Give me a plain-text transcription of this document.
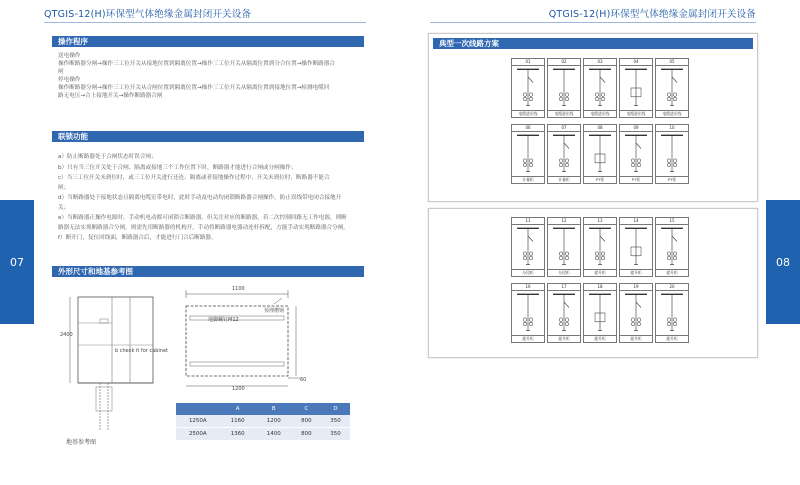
QTGIS-12(H)环保型气体绝缘金属封闭开关设备	QTGIS-12(H)环保型气体绝缘金属封闭开关设备
07	08
操作程序
送电操作
操作断路器分闸→操作三工位开关从接地位置到隔离位置→操作三工位开关从隔离位置到分合位置→操作断路器合
闸
停电操作
操作断路器分闸→操作三工位开关从合闸位置到隔离位置→操作三工位开关从隔离位置到接地位置→检测电缆回
路无电压→合上接地开关→操作断路器合闸
联锁功能
a）防止断路器处于合闸状态时误合闸；
b）只有当三位开关处于合闸、隔离或接地三个工作位置下时，断路器才能进行合闸或分闸操作；
c）当三工位开关未到位时，或三工位开关进行还连、隔离或者接地操作过程中，开关未到位时，断路器不能合
闸；
d）当断路器处于接地状态且隔离电缆室带电时，此时手动及电动均闭锁断路器合闸操作，防止误线带电闭合接地开
关；
e）当断路器正操作电源时，手动机电动都可闭锁合断路器，但关注对应的断路器，若二次控制回路无工作电源，则断
路器无法实现断路器合分闸，则需先用断路器的机构开，手动将断路器电器动连杆拆配，方能手动实现断路器合分闸。
f）断开门，复位回线面，断路器合后，才能进行门合后断路器。
外形尺寸和地基参考图
2400
b check it for cabinet
地基参考图
1100
预埋槽钢
地脚螺钉M12
1200
60
	A	B	C	D
1250A	1160	1200	800	350
2500A	1360	1400	800	350
典型一次线路方案
01
电缆进出线
02
电缆进出线
03
电缆进出线
04
电缆进出线
05
电缆进出线
06
计量柜
07
计量柜
08
PT柜
09
PT柜
10
PT柜
11
分段柜
12
分段柜
13
提升柜
14
提升柜
15
提升柜
16
提升柜
17
提升柜
18
提升柜
19
提升柜
20
提升柜
